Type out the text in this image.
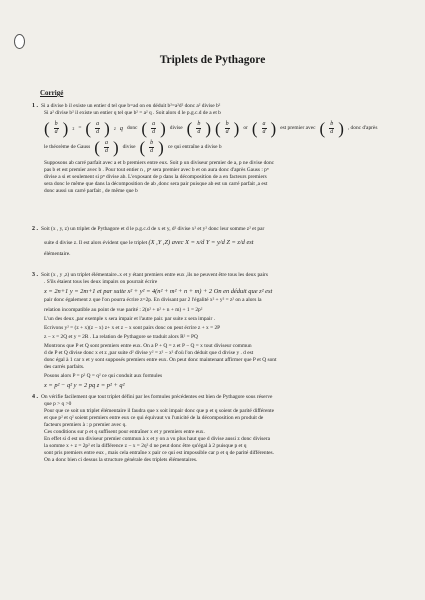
Triplets de Pythagore
Corrigé
1 . Si a divise b il existe un entier d tel que b=ad on en déduit b²=a²d² donc a² divise b²
Si a² divise b² il existe un entier q tel que b² = a² q . Soit alors d le p.g.c.d de a et b
( $\frac{b}{d}$ ) 2 = ( $\frac{a}{d}$ ) 2 q donc ( $\frac{a}{d}$ ) divise ( $\frac{b}{d}$ ) ( $\frac{b}{d}$ ) or ( $\frac{a}{d}$ ) est premier avec ( $\frac{b}{d}$ ) , donc d'après
le théorème de Gauss ( $\frac{a}{d}$ ) divise ( $\frac{b}{d}$ ) ce qui entraîne a divise b
Supposons ab carré parfait avec a et b premiers entre eux. Soit p un diviseur premier de a, p ne divise donc
pas b et est premier avec b . Pour tout entier n , pⁿ sera premier avec b et on aura donc d'après Gauss : pⁿ
divise a si et seulement si pⁿ divise ab. L'exposant de p dans la décomposition de a en facteurs premiers
sera donc le même que dans la décomposition de ab ,donc sera pair puisque ab est un carré parfait ,a est
donc aussi un carré parfait , de même que b
2 . Soit (x , y, z) un triplet de Pythagore et d le p.g.c.d de x et y, d² divise x² et y² donc leur somme z² et par
suite d divise z. Il est alors évident que le triplet (X ,Y ,Z) avec X = x/d Y = y/d Z = z/d est
élémentaire.
3 . Soit (x , y ,z) un triplet élémentaire..x et y étant premiers entre eux ,ils ne peuvent être tous les deux pairs
. S'ils étaient tous les deux impairs on pourrait écrire
x = 2n+1 y = 2m+1 et par suite x² + y² = 4(n² + m² + n + m) + 2 On en déduit que z² est
pair donc également z que l'on pourra écrire z=2p. En divisant par 2 l'égalité x² + y² = z² on a alors la
relation incompatible au point de vue parité : 2(n² + n² + n + m) + 1 = 2p²
L'un des deux ,par exemple x sera impair et l'autre pair. par suite z sera impair .
Ecrivons y² = (z + x)(z − x) z+ x et z − x sont pairs donc on peut écrire z + x = 2P
z − x = 2Q et y = 2R . La relation de Pythagore se traduit alors R² = PQ
Montrons que P et Q sont premiers entre eux. On a P + Q = z et P − Q = x tout diviseur commun
d de P et Q divise donc x et z ,par suite d² divise y² = z² − x² d'où l'on déduit que d divise y . d est
donc égal à 1 car x et y sont supposés premiers entre eux. On peut donc maintenant affirmer que P et Q sont
des carrés parfaits.
Posons alors P = p² Q = q² ce qui conduit aux formules
x = p² − q² y = 2 pq z = p² + q²
4 . On vérifie facilement que tout triplet défini par les formules précédentes est bien de Pythagore sous réserve
que p > q >0
Pour que ce soit un triplet élémentaire il faudra que x soit impair donc que p et q soient de parité différente
et que p² et q² soient premiers entre eux ce qui équivaut vu l'unicité de la décomposition en produit de
facteurs premiers à : p premier avec q.
Ces conditions sur p et q suffisent pour entraîner x et y premiers entre eux.
En effet si d est un diviseur premier commun à x et y on a vu plus haut que d divise aussi z donc divisera
la somme x + z = 2p² et la différence z − x = 2q² d ne peut donc être qu'égal à 2 puisque p et q
sont pris premiers entre eux , mais cela entraîne x pair ce qui est impossible car p et q de parité différentes.
On a donc bien ci dessus la structure générale des triplets élémentaires.
